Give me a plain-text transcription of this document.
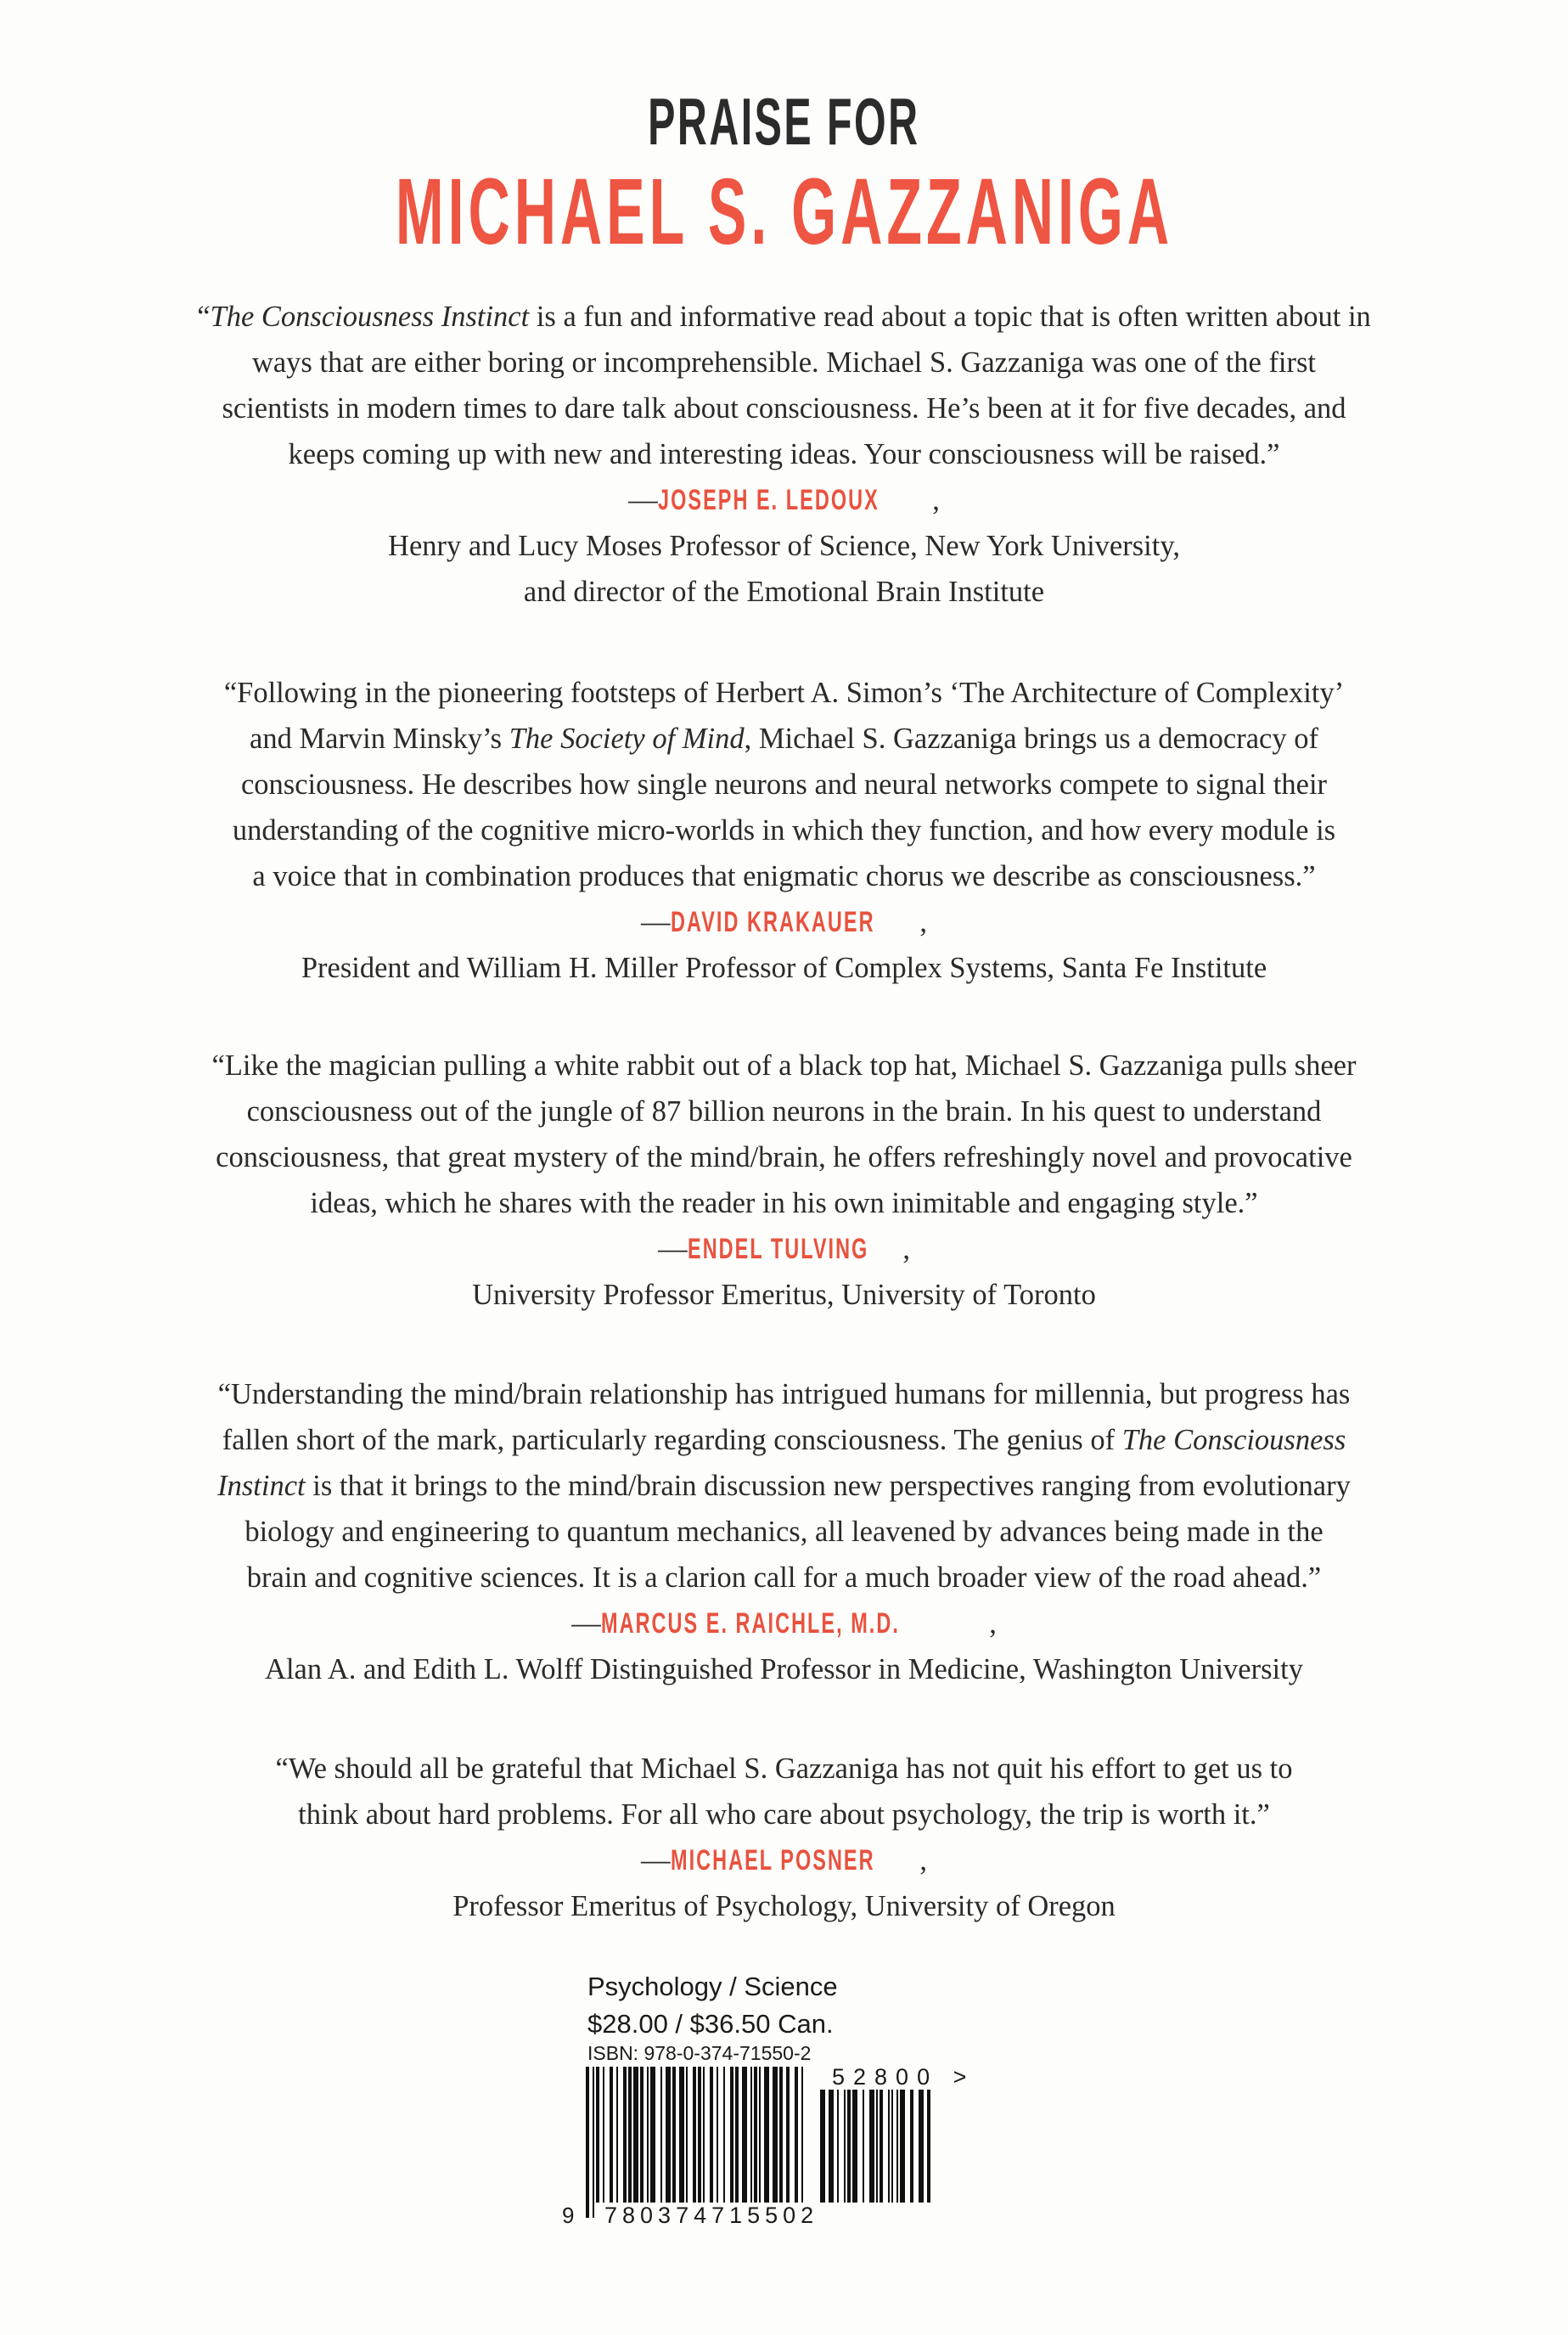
PRAISE FOR
MICHAEL S. GAZZANIGA
“The Consciousness Instinct is a fun and informative read about a topic that is often written about in
ways that are either boring or incomprehensible. Michael S. Gazzaniga was one of the first
scientists in modern times to dare talk about consciousness. He’s been at it for five decades, and
keeps coming up with new and interesting ideas. Your consciousness will be raised.”
—JOSEPH E. LEDOUX ,
Henry and Lucy Moses Professor of Science, New York University,
and director of the Emotional Brain Institute
“Following in the pioneering footsteps of Herbert A. Simon’s ‘The Architecture of Complexity’
and Marvin Minsky’s The Society of Mind, Michael S. Gazzaniga brings us a democracy of
consciousness. He describes how single neurons and neural networks compete to signal their
understanding of the cognitive micro-worlds in which they function, and how every module is
a voice that in combination produces that enigmatic chorus we describe as consciousness.”
—DAVID KRAKAUER ,
President and William H. Miller Professor of Complex Systems, Santa Fe Institute
“Like the magician pulling a white rabbit out of a black top hat, Michael S. Gazzaniga pulls sheer
consciousness out of the jungle of 87 billion neurons in the brain. In his quest to understand
consciousness, that great mystery of the mind/brain, he offers refreshingly novel and provocative
ideas, which he shares with the reader in his own inimitable and engaging style.”
—ENDEL TULVING ,
University Professor Emeritus, University of Toronto
“Understanding the mind/brain relationship has intrigued humans for millennia, but progress has
fallen short of the mark, particularly regarding consciousness. The genius of The Consciousness
Instinct is that it brings to the mind/brain discussion new perspectives ranging from evolutionary
biology and engineering to quantum mechanics, all leavened by advances being made in the
brain and cognitive sciences. It is a clarion call for a much broader view of the road ahead.”
—MARCUS E. RAICHLE, M.D.	,
Alan A. and Edith L. Wolff Distinguished Professor in Medicine, Washington University
“We should all be grateful that Michael S. Gazzaniga has not quit his effort to get us to
think about hard problems. For all who care about psychology, the trip is worth it.”
—MICHAEL POSNER ,
Professor Emeritus of Psychology, University of Oregon
Psychology / Science
$28.00 / $36.50 Can.
ISBN: 978-0-374-71550-2
9 780374715502
52800 >
